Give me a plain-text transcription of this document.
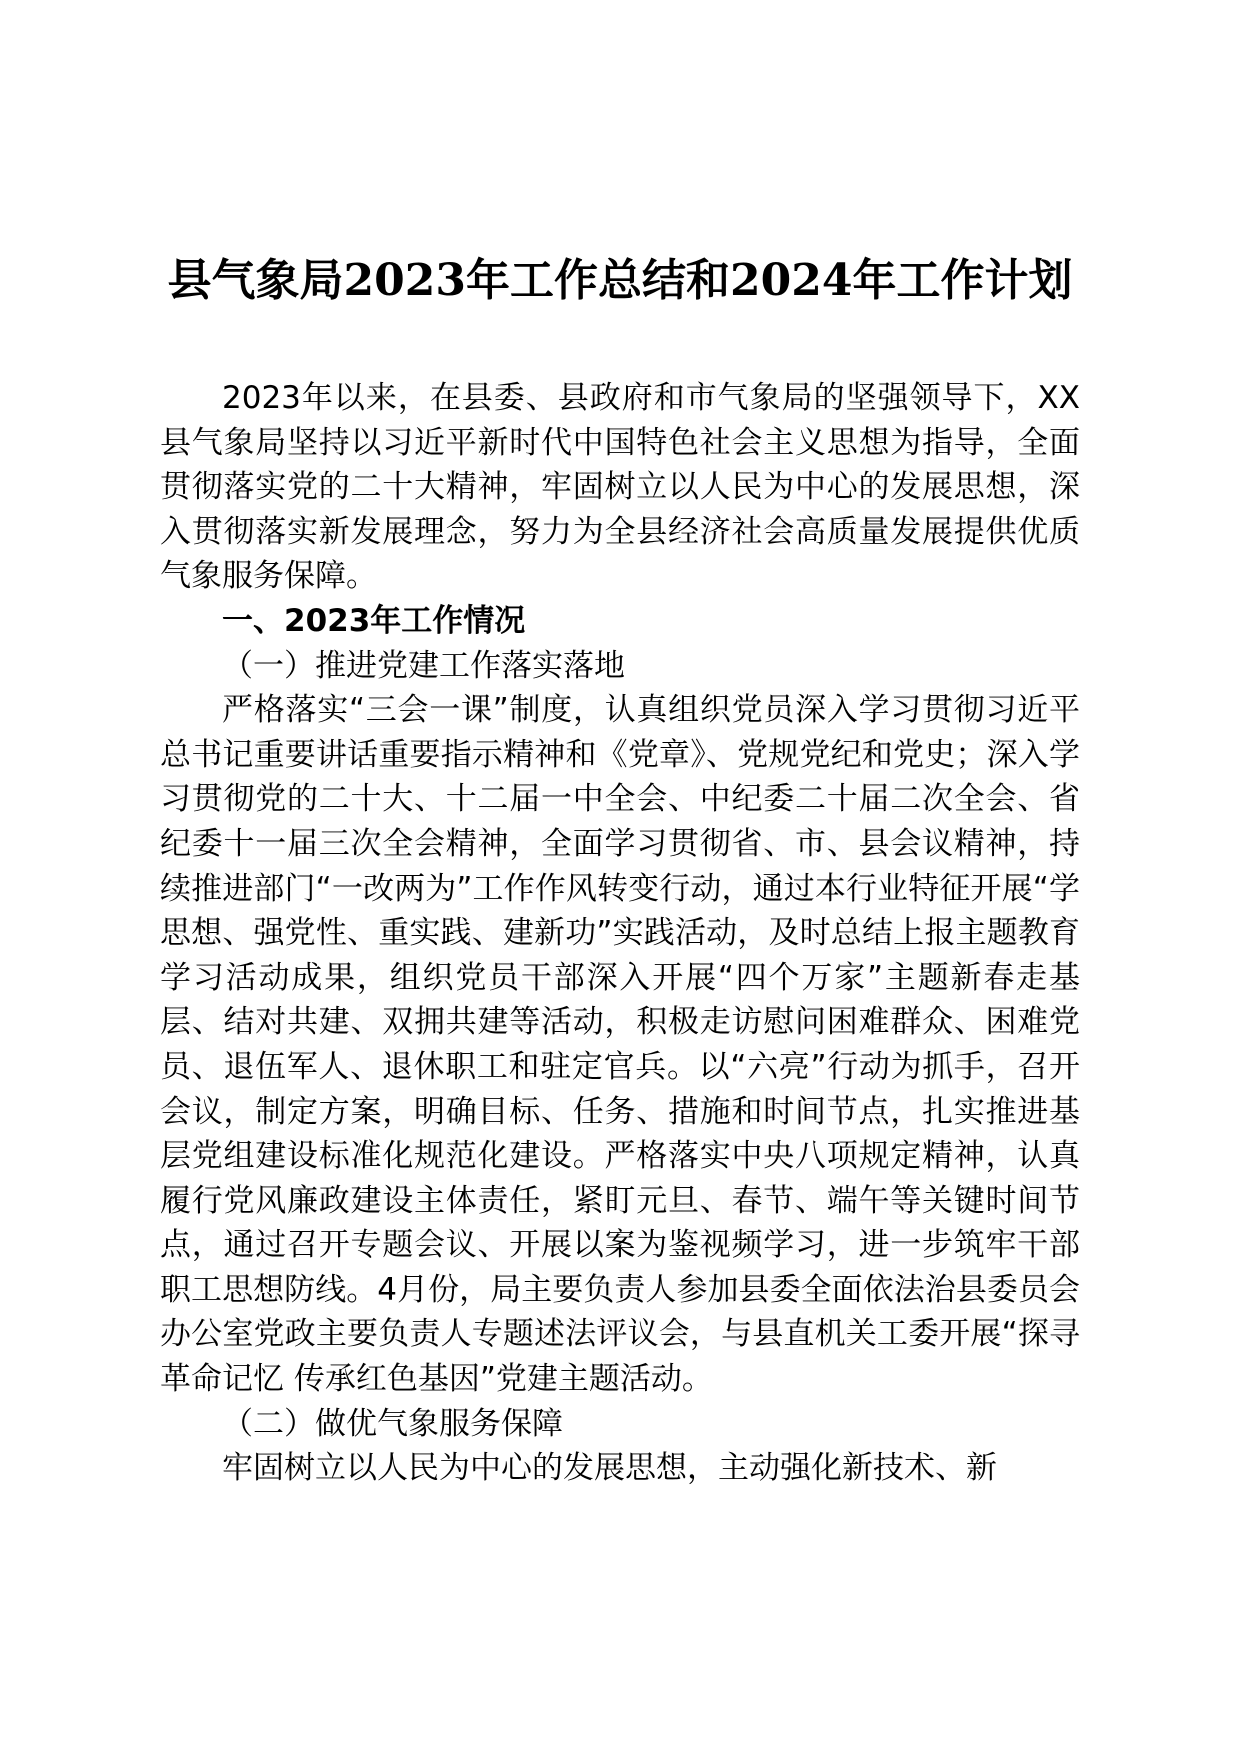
县气象局2023年工作总结和2024年工作计划

2023年以来，在县委、县政府和市气象局的坚强领导下，XX县气象局坚持以习近平新时代中国特色社会主义思想为指导，全面贯彻落实党的二十大精神，牢固树立以人民为中心的发展思想，深入贯彻落实新发展理念，努力为全县经济社会高质量发展提供优质气象服务保障。

一、2023年工作情况

（一）推进党建工作落实落地

严格落实“三会一课”制度，认真组织党员深入学习贯彻习近平总书记重要讲话重要指示精神和《党章》、党规党纪和党史；深入学习贯彻党的二十大、十二届一中全会、中纪委二十届二次全会、省纪委十一届三次全会精神，全面学习贯彻省、市、县会议精神，持续推进部门“一改两为”工作作风转变行动，通过本行业特征开展“学思想、强党性、重实践、建新功”实践活动，及时总结上报主题教育学习活动成果，组织党员干部深入开展“四个万家”主题新春走基层、结对共建、双拥共建等活动，积极走访慰问困难群众、困难党员、退伍军人、退休职工和驻定官兵。以“六亮”行动为抓手，召开会议，制定方案，明确目标、任务、措施和时间节点，扎实推进基层党组建设标准化规范化建设。严格落实中央八项规定精神，认真履行党风廉政建设主体责任，紧盯元旦、春节、端午等关键时间节点，通过召开专题会议、开展以案为鉴视频学习，进一步筑牢干部职工思想防线。4月份，局主要负责人参加县委全面依法治县委员会办公室党政主要负责人专题述法评议会，与县直机关工委开展“探寻革命记忆 传承红色基因”党建主题活动。

（二）做优气象服务保障

牢固树立以人民为中心的发展思想，主动强化新技术、新
